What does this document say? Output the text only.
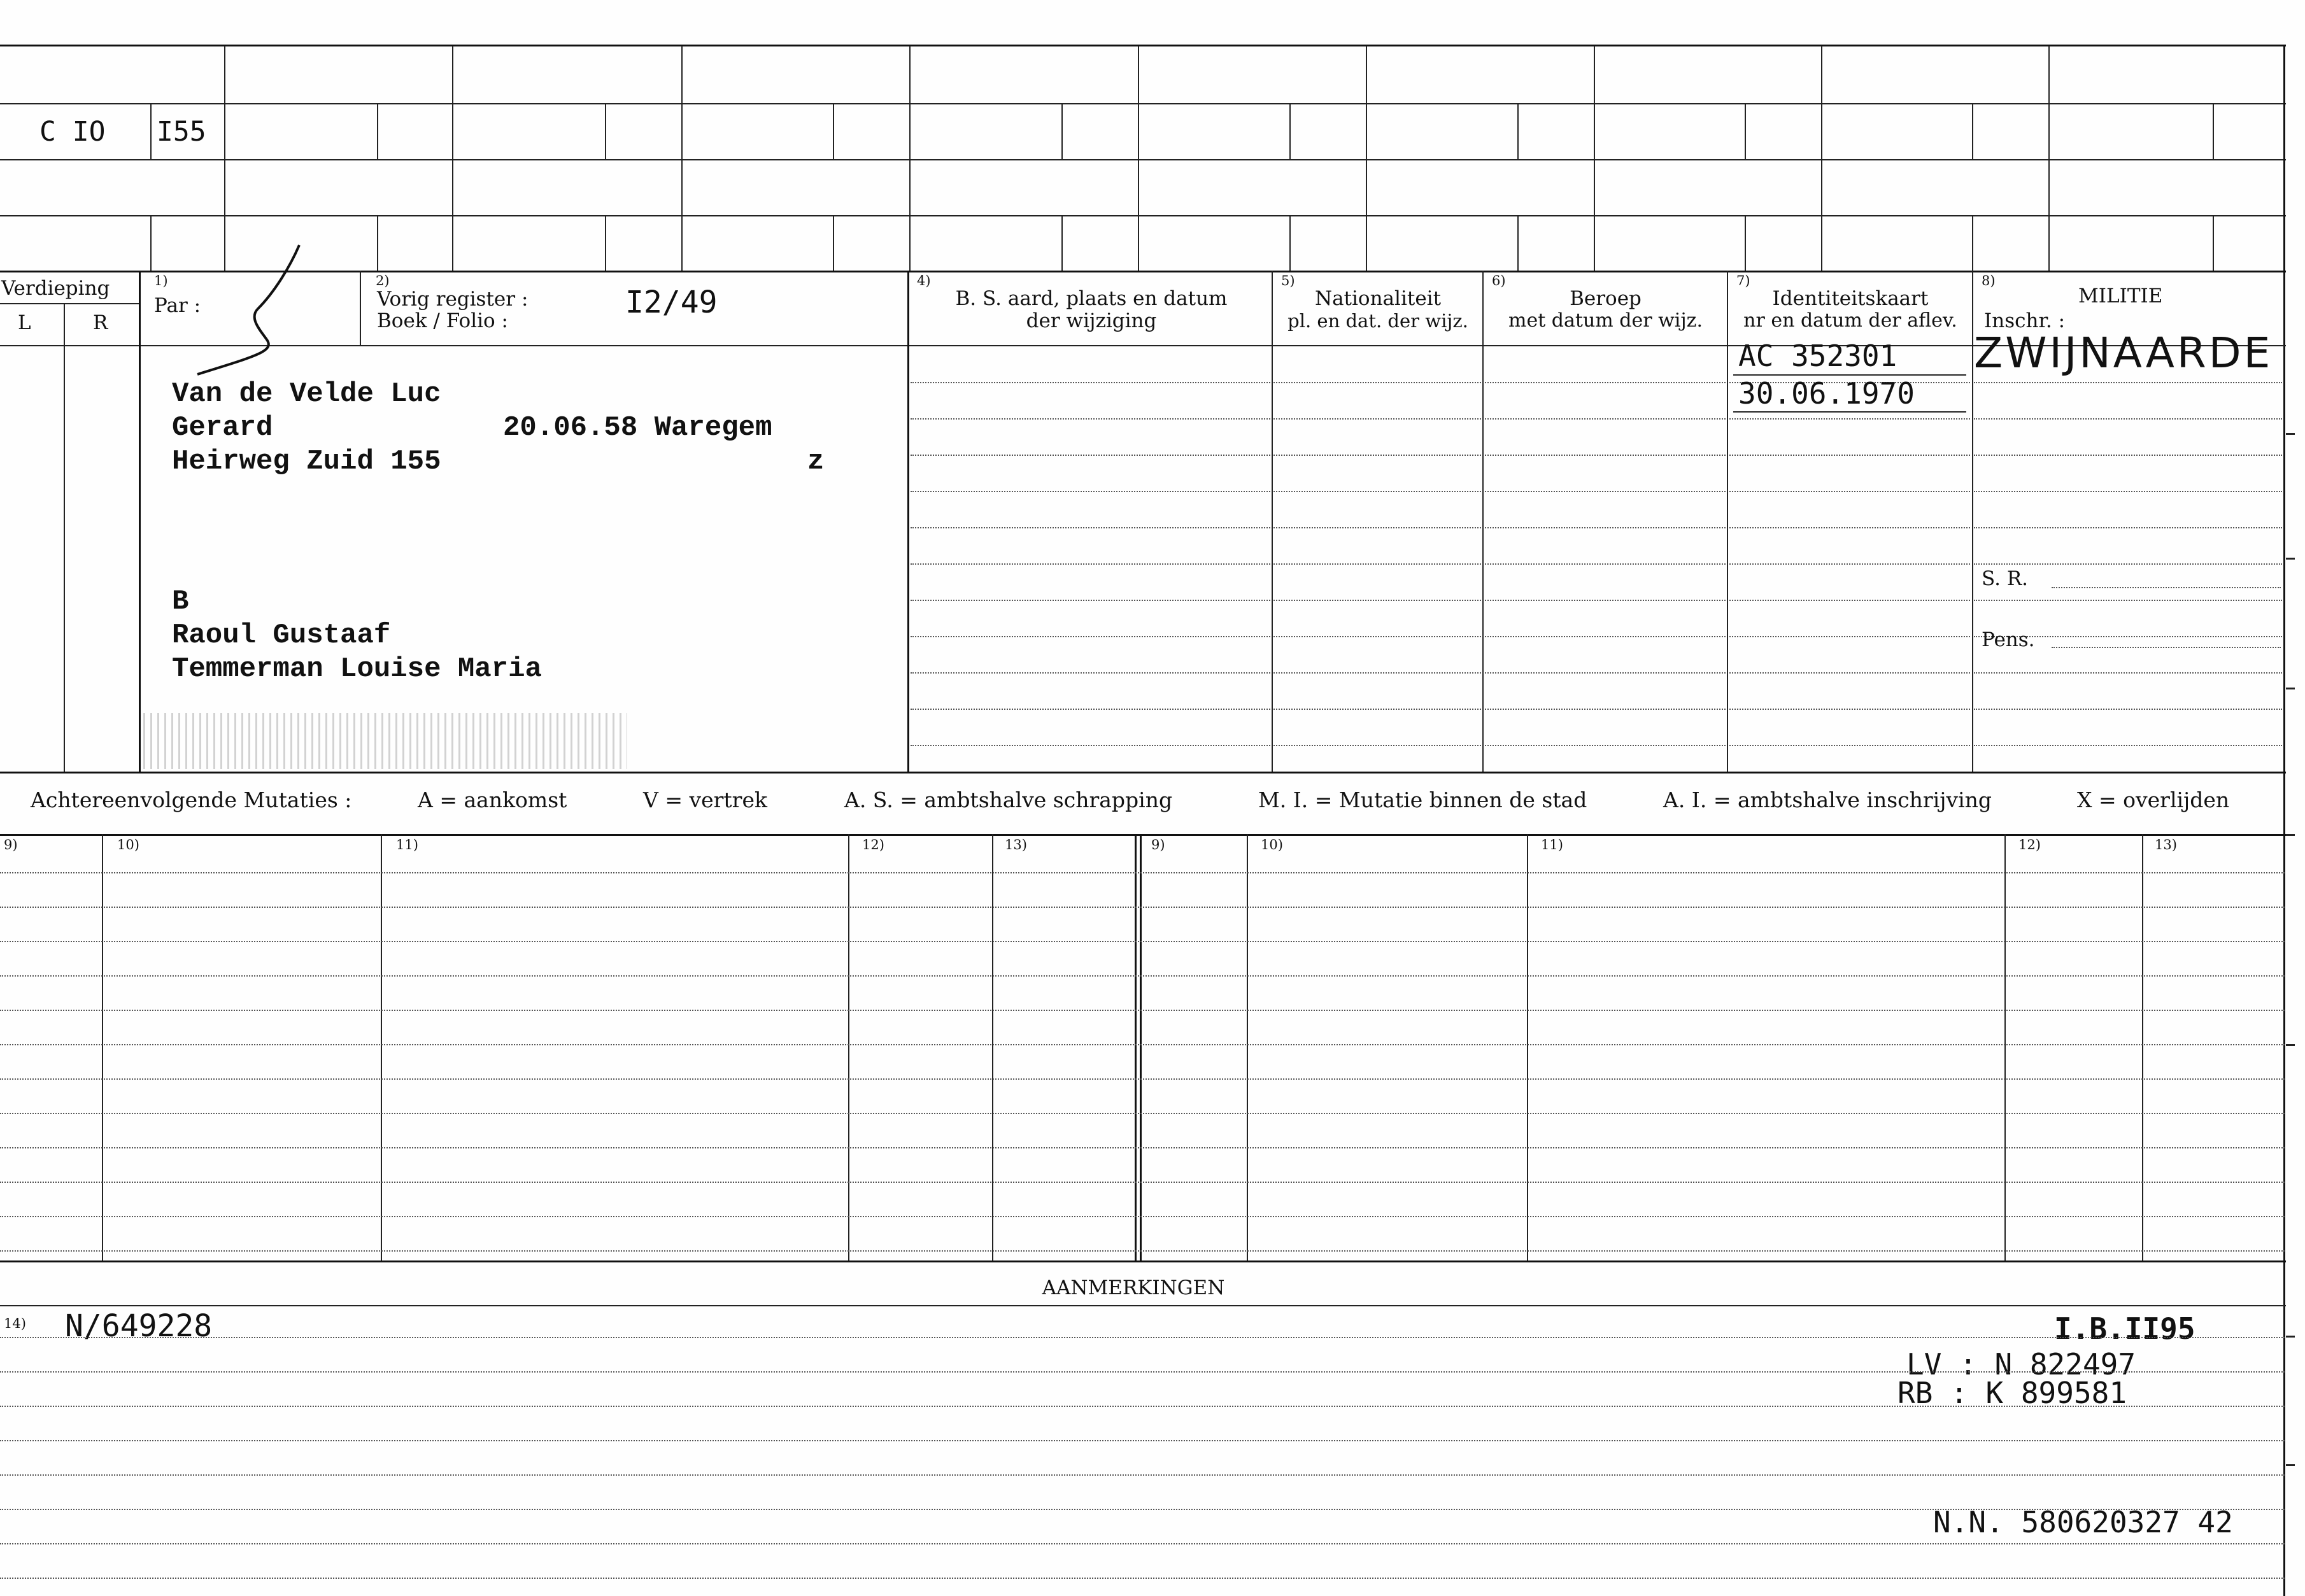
C IO I55
Verdieping
L	R
1)
Par :
2)
Vorig register :
Boek / Folio :
I2/49
4)
B. S. aard, plaats en datum
der wijziging
5)
Nationaliteit
pl. en dat. der wijz.
6)
Beroep
met datum der wijz.
7)
Identiteitskaart
nr en datum der aflev.
8)
MILITIE
Inschr. :
Van de Velde Luc
Gerard	20.06.58 Waregem
Heirweg Zuid 155	z
B
Raoul Gustaaf
Temmerman Louise Maria
AC 352301
30.06.1970
ZWIJNAARDE
S. R.
Pens.
Achtereenvolgende Mutaties :	A = aankomst	V = vertrek	A. S. = ambtshalve schrapping	M. I. = Mutatie binnen de stad	A. I. = ambtshalve inschrijving	X = overlijden
9)	10)	11)	12)	13)	9)	10)	11)	12)	13)
AANMERKINGEN
14) N/649228	I.B.II95
LV : N 822497
RB : K 899581
N.N. 580620327 42
